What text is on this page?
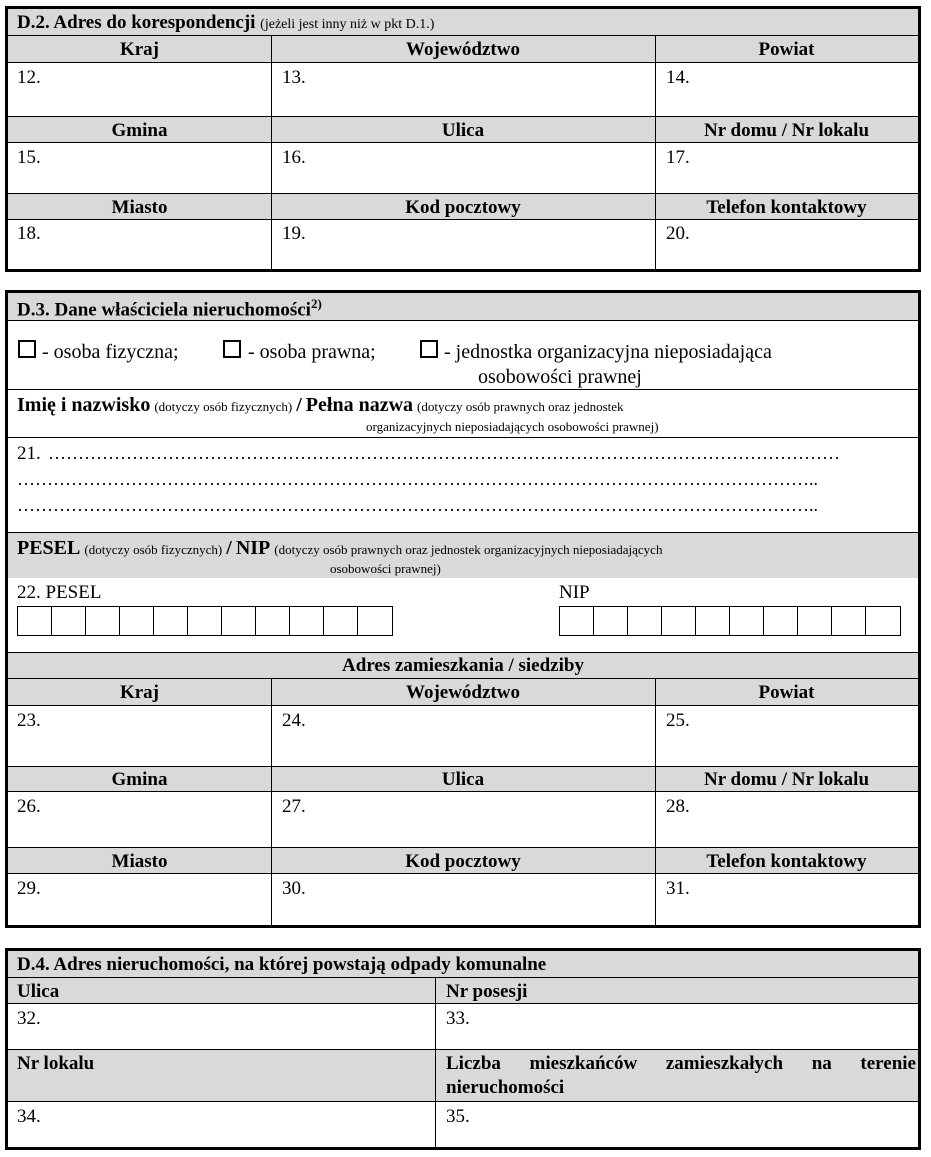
D.2. Adres do korespondencji (jeżeli jest inny niż w pkt D.1.)
Kraj	Województwo	Powiat
12.	13.	14.
Gmina	Ulica	Nr domu / Nr lokalu
15.	16.	17.
Miasto	Kod pocztowy	Telefon kontaktowy
18.	19.	20.
D.3. Dane właściciela nieruchomości$^{2)}$
- osoba fizyczna;	- osoba prawna;	- jednostka organizacyjna nieposiadająca
osobowości prawnej
Imię i nazwisko (dotyczy osób fizycznych) / Pełna nazwa (dotyczy osób prawnych oraz jednostek
organizacyjnych nieposiadających osobowości prawnej)
21. ……………………………………………………………………………………………………………………
……………………………………………………………………………………………………………………..
……………………………………………………………………………………………………………………..
PESEL (dotyczy osób fizycznych) / NIP (dotyczy osób prawnych oraz jednostek organizacyjnych nieposiadających
osobowości prawnej)
22. PESEL	NIP
Adres zamieszkania / siedziby
Kraj	Województwo	Powiat
23.	24.	25.
Gmina	Ulica	Nr domu / Nr lokalu
26.	27.	28.
Miasto	Kod pocztowy	Telefon kontaktowy
29.	30.	31.
D.4. Adres nieruchomości, na której powstają odpady komunalne
Ulica	Nr posesji
32.	33.
Nr lokalu	Liczba mieszkańców zamieszkałych na terenie
nieruchomości
34.	35.
